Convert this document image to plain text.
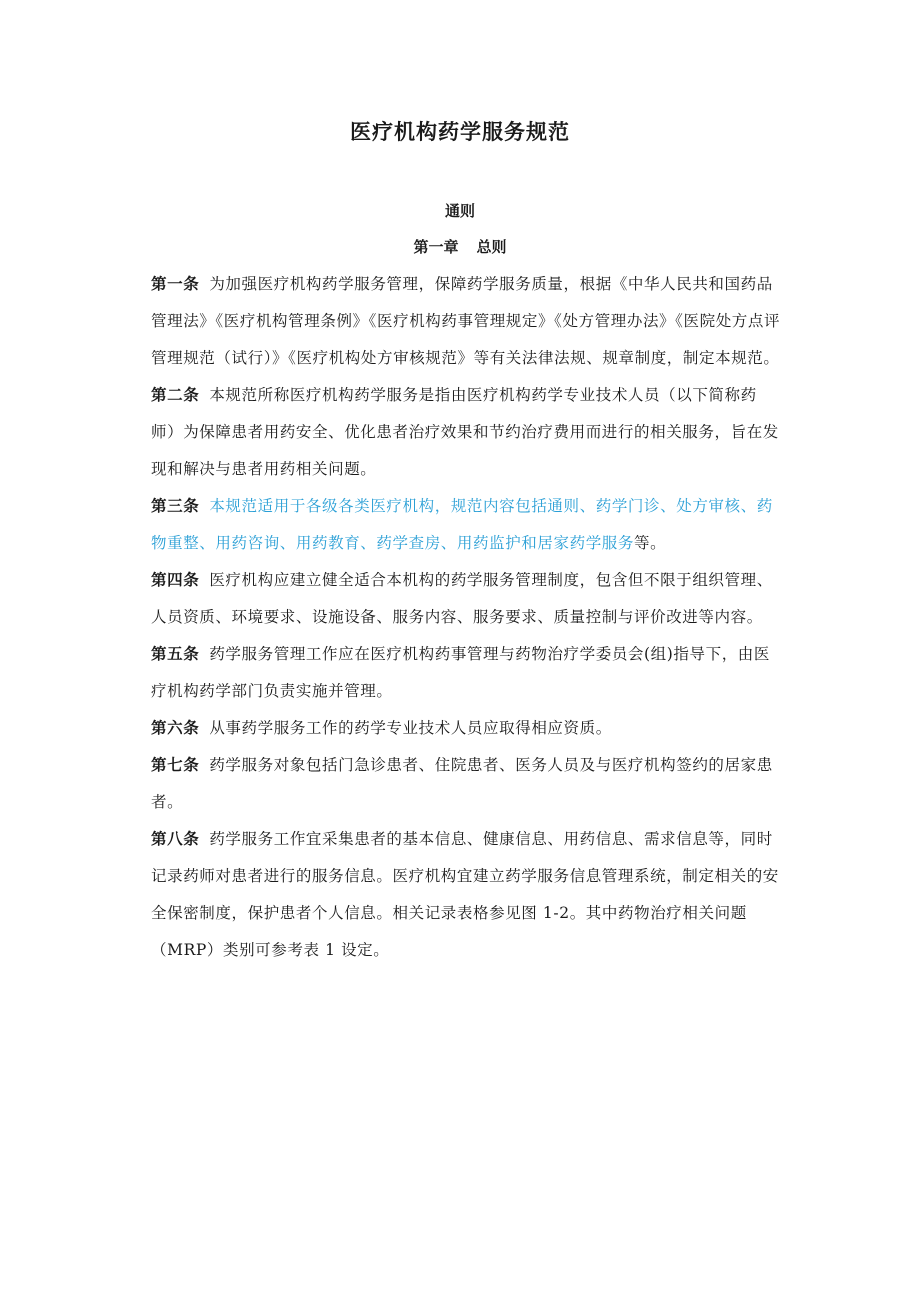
医疗机构药学服务规范
通则
第一章 总则

第一条 为加强医疗机构药学服务管理，保障药学服务质量，根据《中华人民共和国药品管理法》《医疗机构管理条例》《医疗机构药事管理规定》《处方管理办法》《医院处方点评管理规范（试行）》《医疗机构处方审核规范》等有关法律法规、规章制度，制定本规范。

第二条 本规范所称医疗机构药学服务是指由医疗机构药学专业技术人员（以下简称药师）为保障患者用药安全、优化患者治疗效果和节约治疗费用而进行的相关服务，旨在发现和解决与患者用药相关问题。

第三条 本规范适用于各级各类医疗机构，规范内容包括通则、药学门诊、处方审核、药物重整、用药咨询、用药教育、药学查房、用药监护和居家药学服务等。

第四条 医疗机构应建立健全适合本机构的药学服务管理制度，包含但不限于组织管理、人员资质、环境要求、设施设备、服务内容、服务要求、质量控制与评价改进等内容。

第五条 药学服务管理工作应在医疗机构药事管理与药物治疗学委员会(组)指导下，由医疗机构药学部门负责实施并管理。

第六条 从事药学服务工作的药学专业技术人员应取得相应资质。

第七条 药学服务对象包括门急诊患者、住院患者、医务人员及与医疗机构签约的居家患者。

第八条 药学服务工作宜采集患者的基本信息、健康信息、用药信息、需求信息等，同时记录药师对患者进行的服务信息。医疗机构宜建立药学服务信息管理系统，制定相关的安全保密制度，保护患者个人信息。相关记录表格参见图 1-2。其中药物治疗相关问题（MRP）类别可参考表 1 设定。
